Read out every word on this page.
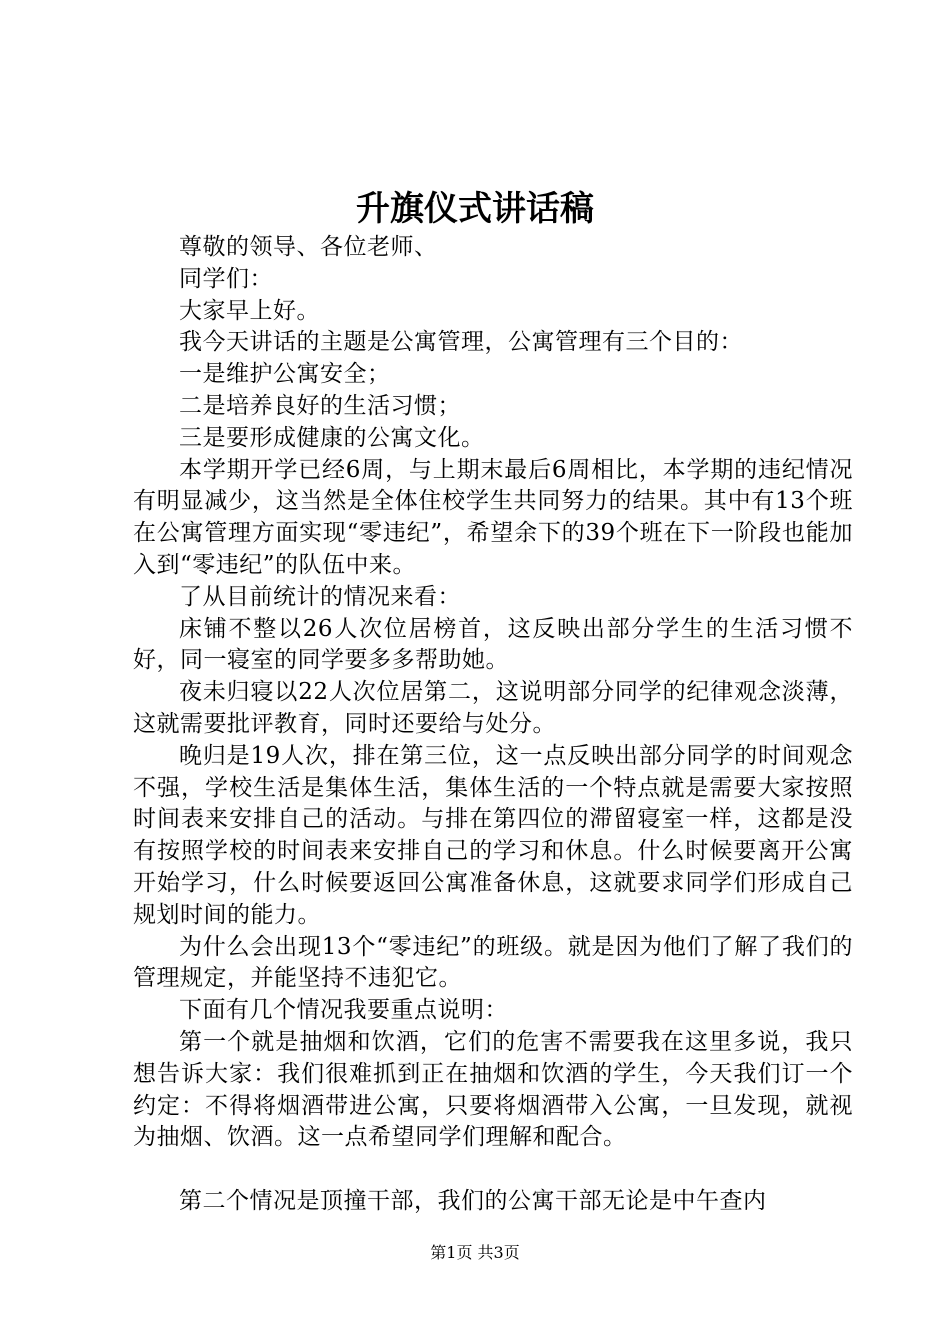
升旗仪式讲话稿

尊敬的领导、各位老师、

同学们：

大家早上好。

我今天讲话的主题是公寓管理，公寓管理有三个目的：

一是维护公寓安全；

二是培养良好的生活习惯；

三是要形成健康的公寓文化。

本学期开学已经6周，与上期末最后6周相比，本学期的违纪情况有明显减少，这当然是全体住校学生共同努力的结果。其中有13个班在公寓管理方面实现“零违纪”，希望余下的39个班在下一阶段也能加入到“零违纪”的队伍中来。

了从目前统计的情况来看：

床铺不整以26人次位居榜首，这反映出部分学生的生活习惯不好，同一寝室的同学要多多帮助她。

夜未归寝以22人次位居第二，这说明部分同学的纪律观念淡薄，这就需要批评教育，同时还要给与处分。

晚归是19人次，排在第三位，这一点反映出部分同学的时间观念不强，学校生活是集体生活，集体生活的一个特点就是需要大家按照时间表来安排自己的活动。与排在第四位的滞留寝室一样，这都是没有按照学校的时间表来安排自己的学习和休息。什么时候要离开公寓开始学习，什么时候要返回公寓准备休息，这就要求同学们形成自己规划时间的能力。

为什么会出现13个“零违纪”的班级。就是因为他们了解了我们的管理规定，并能坚持不违犯它。

下面有几个情况我要重点说明：

第一个就是抽烟和饮酒，它们的危害不需要我在这里多说，我只想告诉大家：我们很难抓到正在抽烟和饮酒的学生，今天我们订一个约定：不得将烟酒带进公寓，只要将烟酒带入公寓，一旦发现，就视为抽烟、饮酒。这一点希望同学们理解和配合。

第二个情况是顶撞干部，我们的公寓干部无论是中午查内

第1页 共3页
